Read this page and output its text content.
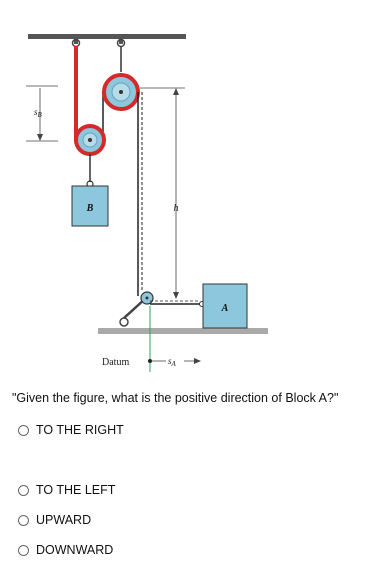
B
$s_B$
h
A
Datum	$s_A$
"Given the figure, what is the positive direction of Block A?"
TO THE RIGHT
TO THE LEFT
UPWARD
DOWNWARD
